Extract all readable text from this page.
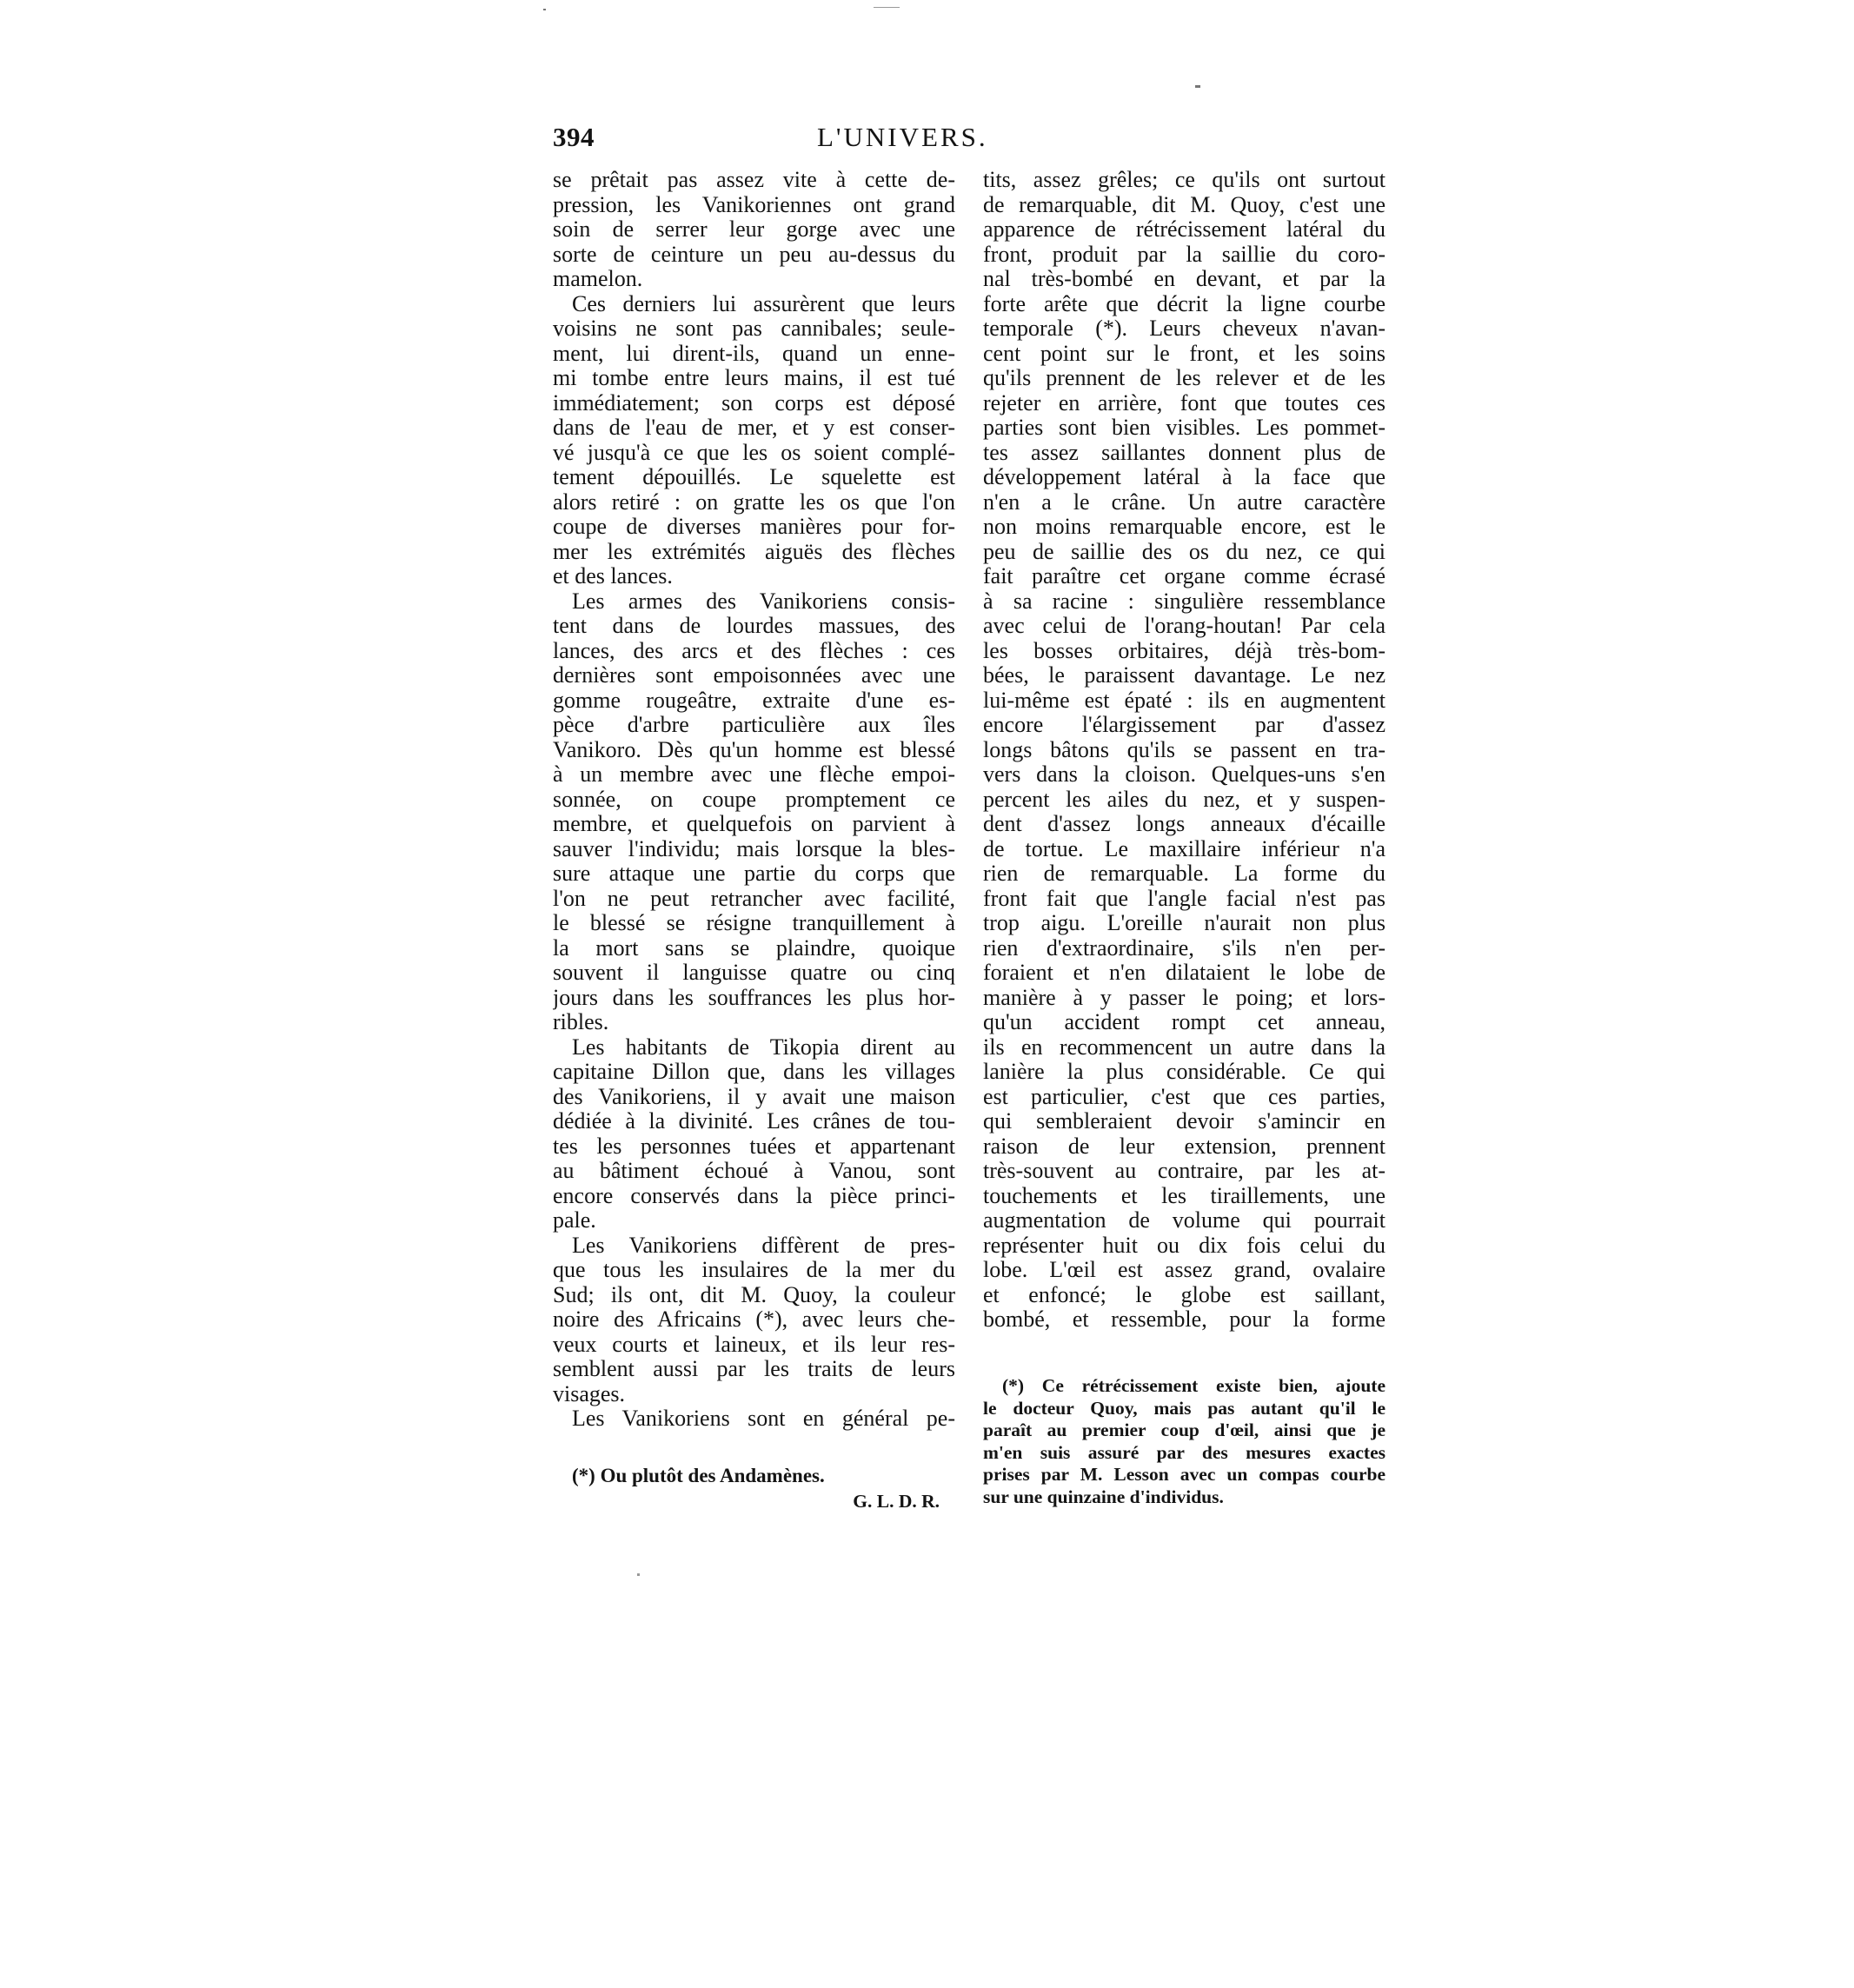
394	L'UNIVERS.
se prêtait pas assez vite à cette de-
pression, les Vanikoriennes ont grand
soin de serrer leur gorge avec une
sorte de ceinture un peu au-dessus du
mamelon.
Ces derniers lui assurèrent que leurs
voisins ne sont pas cannibales; seule-
ment, lui dirent-ils, quand un enne-
mi tombe entre leurs mains, il est tué
immédiatement; son corps est déposé
dans de l'eau de mer, et y est conser-
vé jusqu'à ce que les os soient complé-
tement dépouillés. Le squelette est
alors retiré : on gratte les os que l'on
coupe de diverses manières pour for-
mer les extrémités aiguës des flèches
et des lances.
Les armes des Vanikoriens consis-
tent dans de lourdes massues, des
lances, des arcs et des flèches : ces
dernières sont empoisonnées avec une
gomme rougeâtre, extraite d'une es-
pèce d'arbre particulière aux îles
Vanikoro. Dès qu'un homme est blessé
à un membre avec une flèche empoi-
sonnée, on coupe promptement ce
membre, et quelquefois on parvient à
sauver l'individu; mais lorsque la bles-
sure attaque une partie du corps que
l'on ne peut retrancher avec facilité,
le blessé se résigne tranquillement à
la mort sans se plaindre, quoique
souvent il languisse quatre ou cinq
jours dans les souffrances les plus hor-
ribles.
Les habitants de Tikopia dirent au
capitaine Dillon que, dans les villages
des Vanikoriens, il y avait une maison
dédiée à la divinité. Les crânes de tou-
tes les personnes tuées et appartenant
au bâtiment échoué à Vanou, sont
encore conservés dans la pièce princi-
pale.
Les Vanikoriens diffèrent de pres-
que tous les insulaires de la mer du
Sud; ils ont, dit M. Quoy, la couleur
noire des Africains (*), avec leurs che-
veux courts et laineux, et ils leur res-
semblent aussi par les traits de leurs
visages.
Les Vanikoriens sont en général pe-
tits, assez grêles; ce qu'ils ont surtout
de remarquable, dit M. Quoy, c'est une
apparence de rétrécissement latéral du
front, produit par la saillie du coro-
nal très-bombé en devant, et par la
forte arête que décrit la ligne courbe
temporale (*). Leurs cheveux n'avan-
cent point sur le front, et les soins
qu'ils prennent de les relever et de les
rejeter en arrière, font que toutes ces
parties sont bien visibles. Les pommet-
tes assez saillantes donnent plus de
développement latéral à la face que
n'en a le crâne. Un autre caractère
non moins remarquable encore, est le
peu de saillie des os du nez, ce qui
fait paraître cet organe comme écrasé
à sa racine : singulière ressemblance
avec celui de l'orang-houtan! Par cela
les bosses orbitaires, déjà très-bom-
bées, le paraissent davantage. Le nez
lui-même est épaté : ils en augmentent
encore l'élargissement par d'assez
longs bâtons qu'ils se passent en tra-
vers dans la cloison. Quelques-uns s'en
percent les ailes du nez, et y suspen-
dent d'assez longs anneaux d'écaille
de tortue. Le maxillaire inférieur n'a
rien de remarquable. La forme du
front fait que l'angle facial n'est pas
trop aigu. L'oreille n'aurait non plus
rien d'extraordinaire, s'ils n'en per-
foraient et n'en dilataient le lobe de
manière à y passer le poing; et lors-
qu'un accident rompt cet anneau,
ils en recommencent un autre dans la
lanière la plus considérable. Ce qui
est particulier, c'est que ces parties,
qui sembleraient devoir s'amincir en
raison de leur extension, prennent
très-souvent au contraire, par les at-
touchements et les tiraillements, une
augmentation de volume qui pourrait
représenter huit ou dix fois celui du
lobe. L'œil est assez grand, ovalaire
et enfoncé; le globe est saillant,
bombé, et ressemble, pour la forme
(*) Ou plutôt des Andamènes.
G. L. D. R.
(*) Ce rétrécissement existe bien, ajoute
le docteur Quoy, mais pas autant qu'il le
paraît au premier coup d'œil, ainsi que je
m'en suis assuré par des mesures exactes
prises par M. Lesson avec un compas courbe
sur une quinzaine d'individus.
